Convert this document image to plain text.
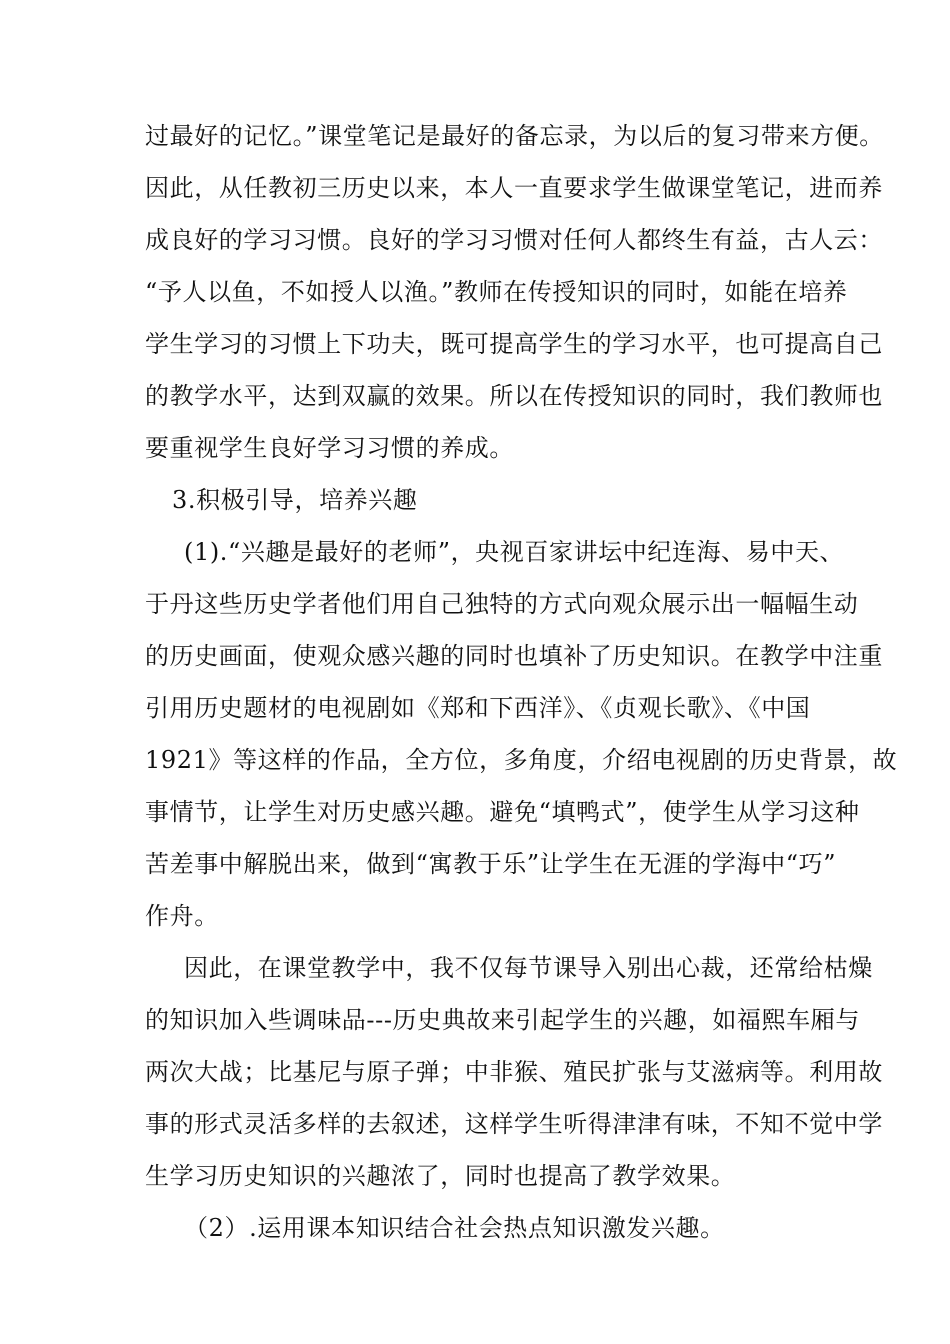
过最好的记忆。”课堂笔记是最好的备忘录，为以后的复习带来方便。
因此，从任教初三历史以来，本人一直要求学生做课堂笔记，进而养
成良好的学习习惯。良好的学习习惯对任何人都终生有益，古人云：
“予人以鱼，不如授人以渔。”教师在传授知识的同时，如能在培养
学生学习的习惯上下功夫，既可提高学生的学习水平，也可提高自己
的教学水平，达到双赢的效果。所以在传授知识的同时，我们教师也
要重视学生良好学习习惯的养成。
3.积极引导，培养兴趣
(1).“兴趣是最好的老师”，央视百家讲坛中纪连海、易中天、
于丹这些历史学者他们用自己独特的方式向观众展示出一幅幅生动
的历史画面，使观众感兴趣的同时也填补了历史知识。在教学中注重
引用历史题材的电视剧如《郑和下西洋》、《贞观长歌》、《中国
1921》等这样的作品，全方位，多角度，介绍电视剧的历史背景，故
事情节，让学生对历史感兴趣。避免“填鸭式”，使学生从学习这种
苦差事中解脱出来，做到“寓教于乐”让学生在无涯的学海中“巧”
作舟。
因此，在课堂教学中，我不仅每节课导入别出心裁，还常给枯燥
的知识加入些调味品---历史典故来引起学生的兴趣，如福熙车厢与
两次大战；比基尼与原子弹；中非猴、殖民扩张与艾滋病等。利用故
事的形式灵活多样的去叙述，这样学生听得津津有味，不知不觉中学
生学习历史知识的兴趣浓了，同时也提高了教学效果。
（2）.运用课本知识结合社会热点知识激发兴趣。
